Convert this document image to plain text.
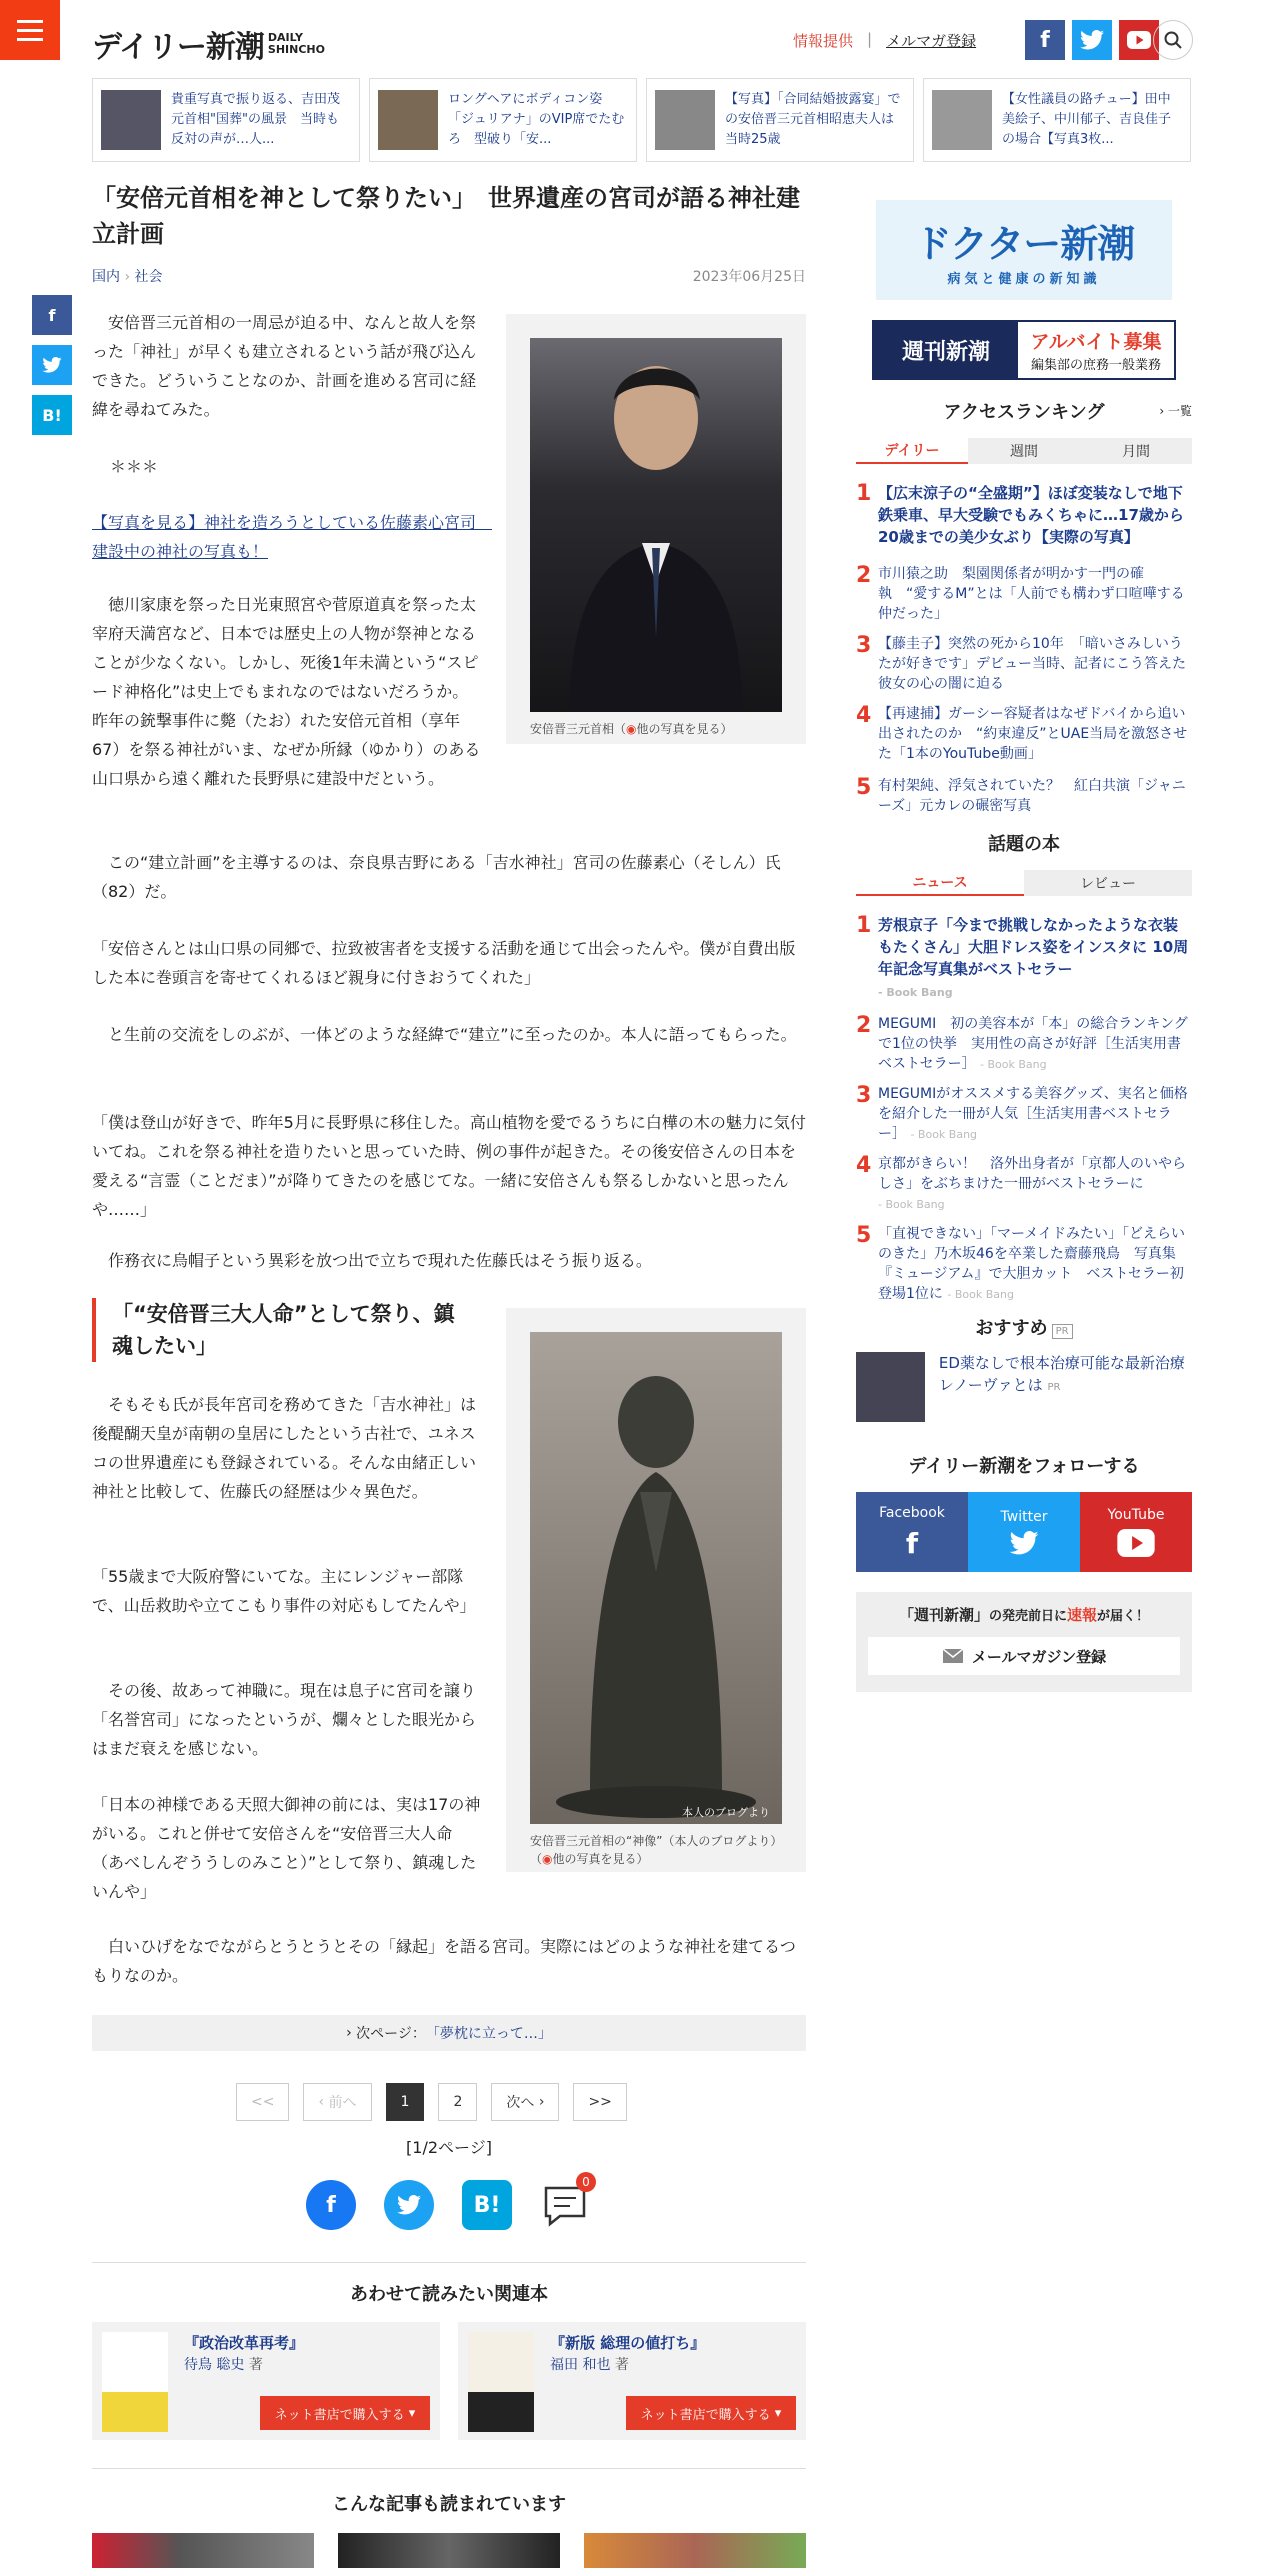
デイリー新潮 DAILY
SHINCHO	情報提供 | メルマガ登録	f
貴重写真で振り返る、吉田茂元首相"国葬"の風景　当時も反対の声が…人...
ロングヘアにボディコン姿「ジュリアナ」のVIP席でたむろ　型破り「安...
【写真】「合同結婚披露宴」での安倍晋三元首相昭恵夫人は当時25歳
【女性議員の路チュー】田中美絵子、中川郁子、吉良佳子の場合【写真3枚...
「安倍元首相を神として祭りたい」　世界遺産の宮司が語る神社建立計画
国内 › 社会	2023年06月25日
f
B!
安倍晋三元首相（◉他の写真を見る）
安倍晋三元首相の一周忌が迫る中、なんと故人を祭った「神社」が早くも建立されるという話が飛び込んできた。どういうことなのか、計画を進める宮司に経緯を尋ねてみた。
＊＊＊
【写真を見る】神社を造ろうとしている佐藤素心宮司　建設中の神社の写真も！
徳川家康を祭った日光東照宮や菅原道真を祭った太宰府天満宮など、日本では歴史上の人物が祭神となることが少なくない。しかし、死後1年未満という“スピード神格化”は史上でもまれなのではないだろうか。昨年の銃撃事件に斃（たお）れた安倍元首相（享年67）を祭る神社がいま、なぜか所縁（ゆかり）のある山口県から遠く離れた長野県に建設中だという。
この“建立計画”を主導するのは、奈良県吉野にある「吉水神社」宮司の佐藤素心（そしん）氏（82）だ。
「安倍さんとは山口県の同郷で、拉致被害者を支援する活動を通じて出会ったんや。僕が自費出版した本に巻頭言を寄せてくれるほど親身に付きおうてくれた」
と生前の交流をしのぶが、一体どのような経緯で“建立”に至ったのか。本人に語ってもらった。
「僕は登山が好きで、昨年5月に長野県に移住した。高山植物を愛でるうちに白樺の木の魅力に気付いてね。これを祭る神社を造りたいと思っていた時、例の事件が起きた。その後安倍さんの日本を愛える“言霊（ことだま）”が降りてきたのを感じてな。一緒に安倍さんも祭るしかないと思ったんや……」
作務衣に烏帽子という異彩を放つ出で立ちで現れた佐藤氏はそう振り返る。
「“安倍晋三大人命”として祭り、鎮魂したい」
本人のブログより
安倍晋三元首相の“神像”（本人のブログより）（◉他の写真を見る）
そもそも氏が長年宮司を務めてきた「吉水神社」は後醍醐天皇が南朝の皇居にしたという古社で、ユネスコの世界遺産にも登録されている。そんな由緒正しい神社と比較して、佐藤氏の経歴は少々異色だ。
「55歳まで大阪府警にいてな。主にレンジャー部隊で、山岳救助や立てこもり事件の対応もしてたんや」
その後、故あって神職に。現在は息子に宮司を譲り「名誉宮司」になったというが、爛々とした眼光からはまだ衰えを感じない。
「日本の神様である天照大御神の前には、実は17の神がいる。これと併せて安倍さんを“安倍晋三大人命（あべしんぞううしのみこと）”として祭り、鎮魂したいんや」
白いひげをなでながらとうとうとその「縁起」を語る宮司。実際にはどのような神社を建てるつもりなのか。
› 次ページ： 「夢枕に立って…」
<<	‹ 前へ	1	2	次へ ›	>>
[1/2ページ]
f	B!
0
あわせて読みたい関連本
『政治改革再考』
待鳥 聡史 著
ネット書店で購入する ▾
『新版 総理の値打ち』
福田 和也 著
ネット書店で購入する ▾
こんな記事も読まれています
ドクター新潮
病気と健康の新知識
週刊新潮	アルバイト募集
編集部の庶務一般業務
アクセスランキング	› 一覧
デイリー	週間	月間
1 【広末涼子の“全盛期”】ほぼ変装なしで地下鉄乗車、早大受験でもみくちゃに…17歳から20歳までの美少女ぶり【実際の写真】
2 市川猿之助　梨園関係者が明かす一門の確執　“愛するM”とは「人前でも構わず口喧嘩する仲だった」
3 【藤圭子】突然の死から10年　「暗いさみしいうたが好きです」デビュー当時、記者にこう答えた彼女の心の闇に迫る
4 【再逮捕】ガーシー容疑者はなぜドバイから追い出されたのか　“約束違反”とUAE当局を激怒させた「1本のYouTube動画」
5 有村架純、浮気されていた？　紅白共演「ジャニーズ」元カレの碾密写真
話題の本
ニュース	レビュー
1 芳根京子「今まで挑戦しなかったような衣装もたくさん」大胆ドレス姿をインスタに 10周年記念写真集がベストセラー
- Book Bang
2 MEGUMI　初の美容本が「本」の総合ランキングで1位の快挙　実用性の高さが好評［生活実用書ベストセラー］ - Book Bang
3 MEGUMIがオススメする美容グッズ、実名と価格を紹介した一冊が人気［生活実用書ベストセラー］ - Book Bang
4 京都がきらい！　洛外出身者が「京都人のいやらしさ」をぶちまけた一冊がベストセラーに
- Book Bang
5 「直視できない」「マーメイドみたい」「どえらいのきた」乃木坂46を卒業した齋藤飛鳥　写真集『ミュージアム』で大胆カット　ベストセラー初登場1位に - Book Bang
おすすめ PR
ED薬なしで根本治療可能な最新治療レノーヴァとは PR
デイリー新潮をフォローする
Facebook
f
Twitter	YouTube
「週刊新潮」の発売前日に速報が届く！
メールマガジン登録
